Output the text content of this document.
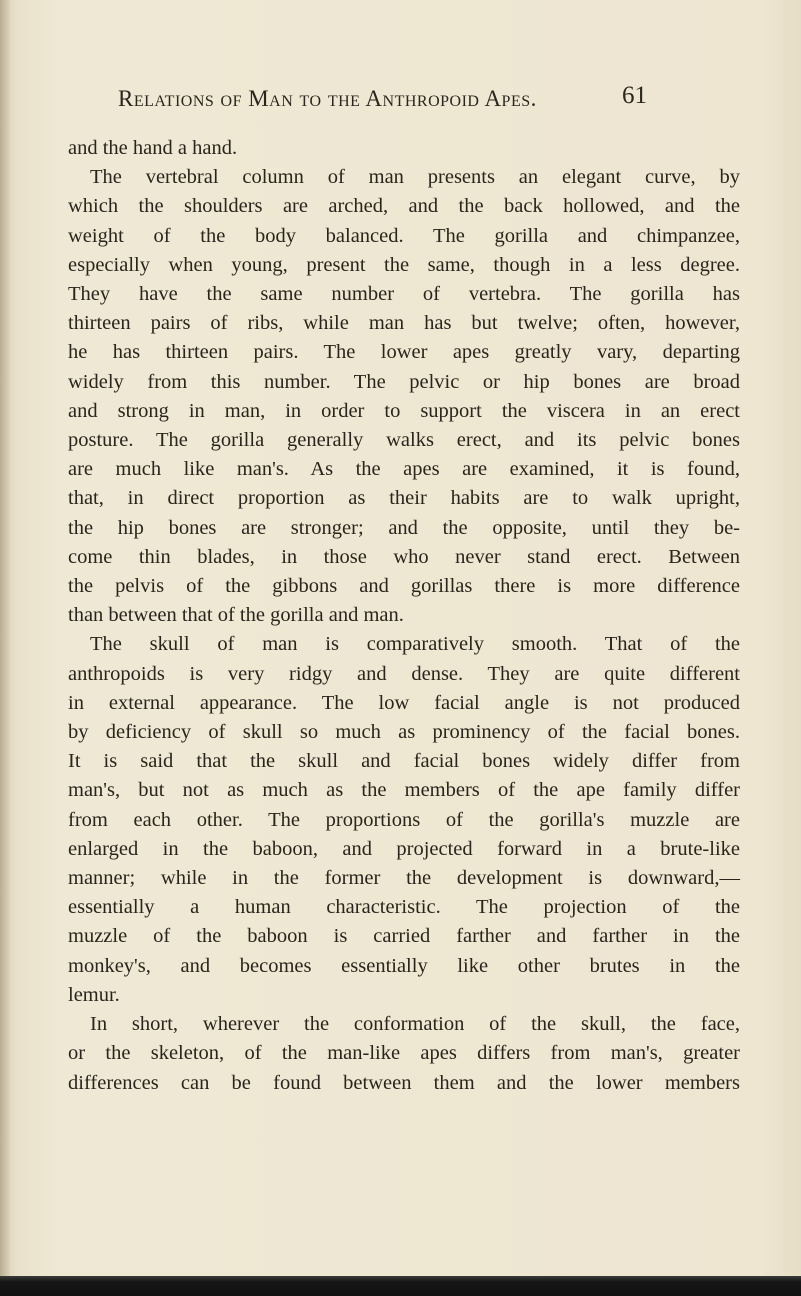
Relations of Man to the Anthropoid Apes.	61
and the hand a hand.
The vertebral column of man presents an elegant curve, by
which the shoulders are arched, and the back hollowed, and the
weight of the body balanced. The gorilla and chimpanzee,
especially when young, present the same, though in a less degree.
They have the same number of vertebra. The gorilla has
thirteen pairs of ribs, while man has but twelve; often, however,
he has thirteen pairs. The lower apes greatly vary, departing
widely from this number. The pelvic or hip bones are broad
and strong in man, in order to support the viscera in an erect
posture. The gorilla generally walks erect, and its pelvic bones
are much like man's. As the apes are examined, it is found,
that, in direct proportion as their habits are to walk upright,
the hip bones are stronger; and the opposite, until they be-
come thin blades, in those who never stand erect. Between
the pelvis of the gibbons and gorillas there is more difference
than between that of the gorilla and man.
The skull of man is comparatively smooth. That of the
anthropoids is very ridgy and dense. They are quite different
in external appearance. The low facial angle is not produced
by deficiency of skull so much as prominency of the facial bones.
It is said that the skull and facial bones widely differ from
man's, but not as much as the members of the ape family differ
from each other. The proportions of the gorilla's muzzle are
enlarged in the baboon, and projected forward in a brute-like
manner; while in the former the development is downward,—
essentially a human characteristic. The projection of the
muzzle of the baboon is carried farther and farther in the
monkey's, and becomes essentially like other brutes in the
lemur.
In short, wherever the conformation of the skull, the face,
or the skeleton, of the man-like apes differs from man's, greater
differences can be found between them and the lower members
